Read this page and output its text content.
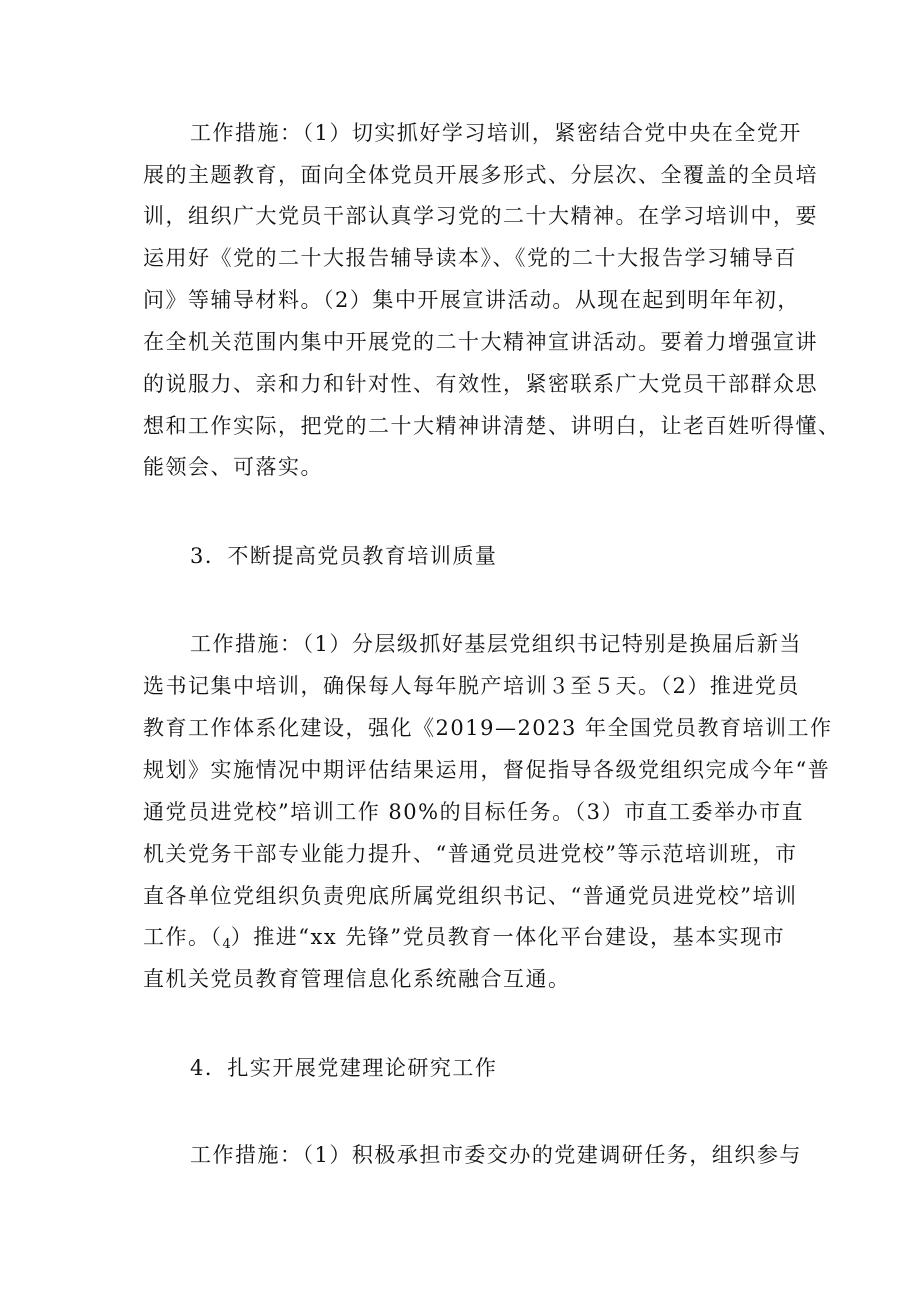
工作措施：（1）切实抓好学习培训，紧密结合党中央在全党开
展的主题教育，面向全体党员开展多形式、分层次、全覆盖的全员培
训，组织广大党员干部认真学习党的二十大精神。在学习培训中，要
运用好《党的二十大报告辅导读本》、《党的二十大报告学习辅导百
问》等辅导材料。（2）集中开展宣讲活动。从现在起到明年年初，
在全机关范围内集中开展党的二十大精神宣讲活动。要着力增强宣讲
的说服力、亲和力和针对性、有效性，紧密联系广大党员干部群众思
想和工作实际，把党的二十大精神讲清楚、讲明白，让老百姓听得懂、
能领会、可落实。
3．不断提高党员教育培训质量
工作措施：（1）分层级抓好基层党组织书记特别是换届后新当
选书记集中培训，确保每人每年脱产培训３至５天。（2）推进党员
教育工作体系化建设，强化《2019—2023 年全国党员教育培训工作
规划》实施情况中期评估结果运用，督促指导各级党组织完成今年“普
通党员进党校”培训工作 80%的目标任务。（3）市直工委举办市直
机关党务干部专业能力提升、“普通党员进党校”等示范培训班，市
直各单位党组织负责兜底所属党组织书记、“普通党员进党校”培训
工作。$(_4)$推进“xx 先锋”党员教育一体化平台建设，基本实现市
直机关党员教育管理信息化系统融合互通。
4．扎实开展党建理论研究工作
工作措施：（1）积极承担市委交办的党建调研任务，组织参与
